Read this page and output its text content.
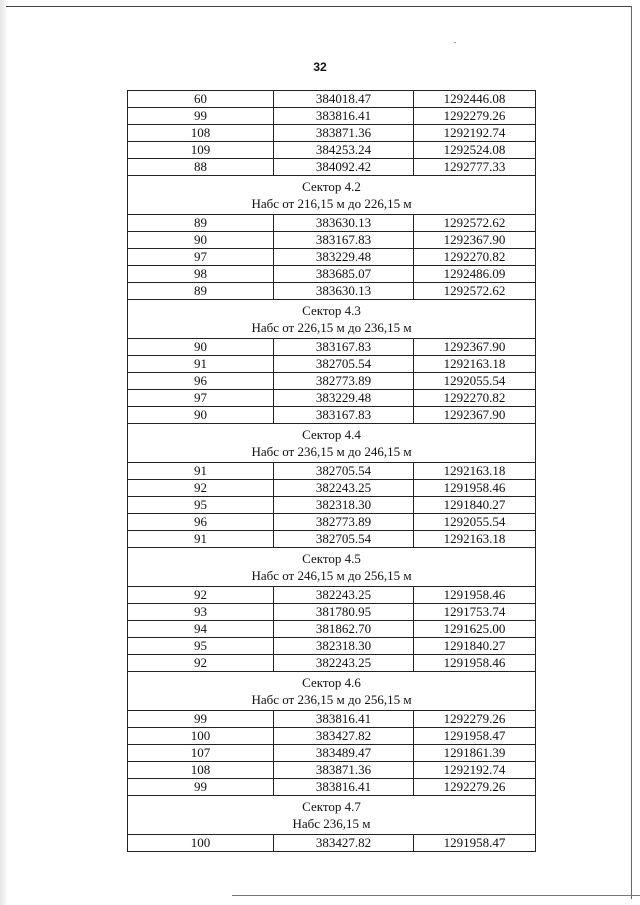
32
60	384018.47	1292446.08
99	383816.41	1292279.26
108	383871.36	1292192.74
109	384253.24	1292524.08
88	384092.42	1292777.33

Сектор 4.2
Набс от 216,15 м до 226,15 м		

89	383630.13	1292572.62
90	383167.83	1292367.90
97	383229.48	1292270.82
98	383685.07	1292486.09
89	383630.13	1292572.62

Сектор 4.3
Набс от 226,15 м до 236,15 м		

90	383167.83	1292367.90
91	382705.54	1292163.18
96	382773.89	1292055.54
97	383229.48	1292270.82
90	383167.83	1292367.90

Сектор 4.4
Набс от 236,15 м до 246,15 м		

91	382705.54	1292163.18
92	382243.25	1291958.46
95	382318.30	1291840.27
96	382773.89	1292055.54
91	382705.54	1292163.18

Сектор 4.5
Набс от 246,15 м до 256,15 м		

92	382243.25	1291958.46
93	381780.95	1291753.74
94	381862.70	1291625.00
95	382318.30	1291840.27
92	382243.25	1291958.46

Сектор 4.6
Набс от 236,15 м до 256,15 м		

99	383816.41	1292279.26
100	383427.82	1291958.47
107	383489.47	1291861.39
108	383871.36	1292192.74
99	383816.41	1292279.26

Сектор 4.7
Набс 236,15 м		

100	383427.82	1291958.47
